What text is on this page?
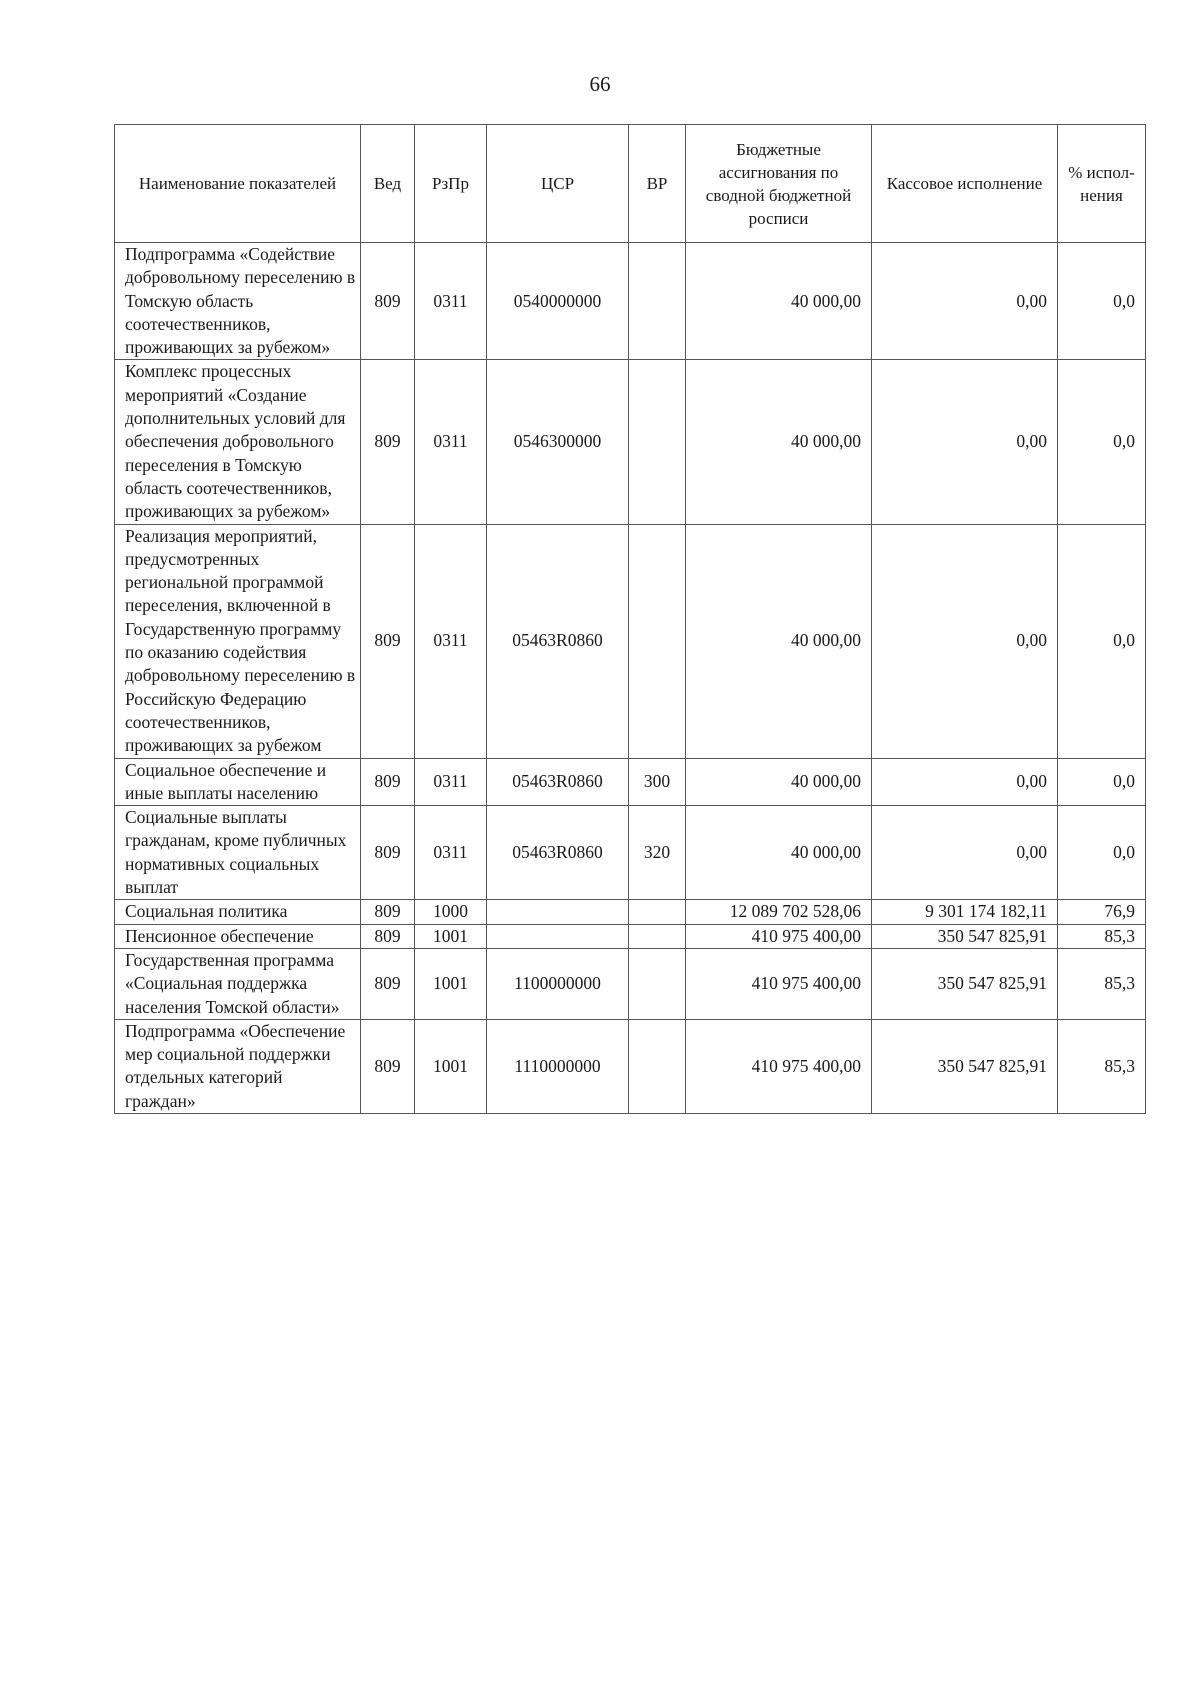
66
Наименование показателей	Вед	РзПр	ЦСР	ВР	Бюджетные ассигнования по сводной бюджетной росписи	Кассовое исполнение	% испол-нения
Подпрограмма «Содействие добровольному переселению в Томскую область соотечественников, проживающих за рубежом»	809	0311	0540000000		40 000,00	0,00	0,0
Комплекс процессных мероприятий «Создание дополнительных условий для обеспечения добровольного переселения в Томскую область соотечественников, проживающих за рубежом»	809	0311	0546300000		40 000,00	0,00	0,0
Реализация мероприятий, предусмотренных региональной программой переселения, включенной в Государственную программу по оказанию содействия добровольному переселению в Российскую Федерацию соотечественников, проживающих за рубежом	809	0311	05463R0860		40 000,00	0,00	0,0
Социальное обеспечение и иные выплаты населению	809	0311	05463R0860	300	40 000,00	0,00	0,0
Социальные выплаты гражданам, кроме публичных нормативных социальных выплат	809	0311	05463R0860	320	40 000,00	0,00	0,0
Социальная политика	809	1000			12 089 702 528,06	9 301 174 182,11	76,9
Пенсионное обеспечение	809	1001			410 975 400,00	350 547 825,91	85,3
Государственная программа «Социальная поддержка населения Томской области»	809	1001	1100000000		410 975 400,00	350 547 825,91	85,3
Подпрограмма «Обеспечение мер социальной поддержки отдельных категорий граждан»	809	1001	1110000000		410 975 400,00	350 547 825,91	85,3
